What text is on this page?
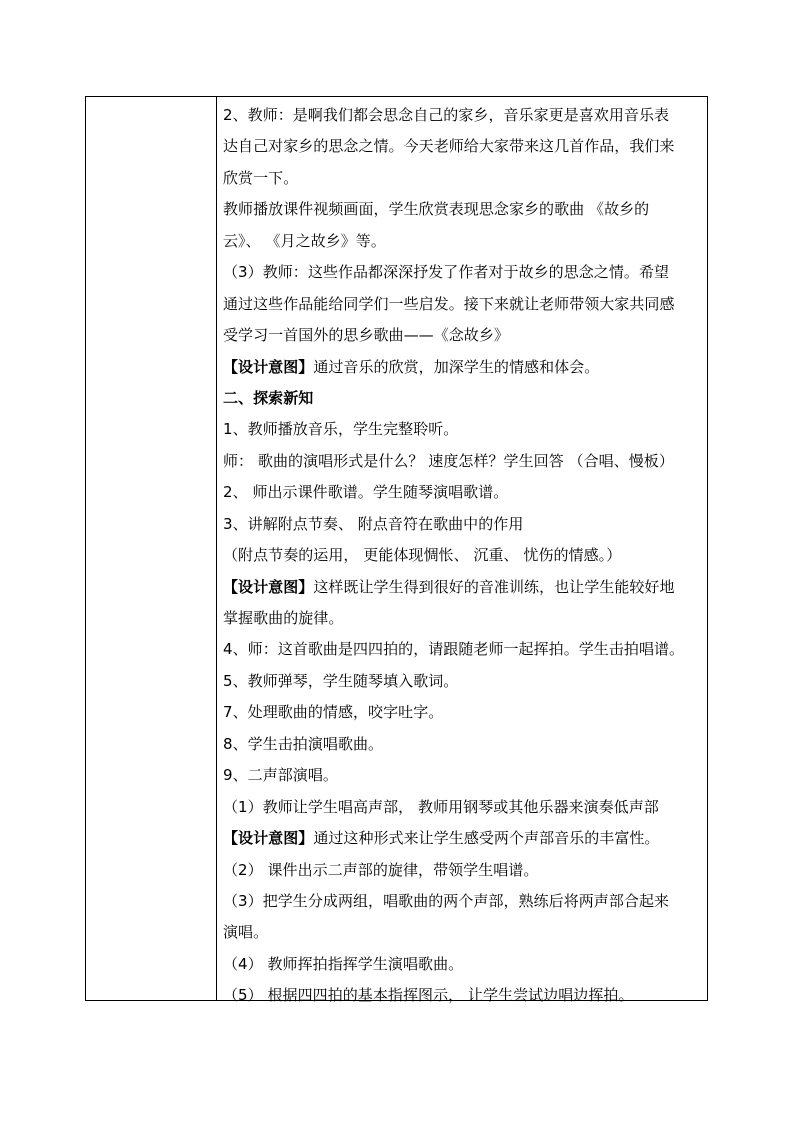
2、教师：是啊我们都会思念自己的家乡，音乐家更是喜欢用音乐表
达自己对家乡的思念之情。今天老师给大家带来这几首作品，我们来
欣赏一下。
教师播放课件视频画面，学生欣赏表现思念家乡的歌曲 《故乡的
云》、 《月之故乡》等。
（3）教师：这些作品都深深抒发了作者对于故乡的思念之情。希望
通过这些作品能给同学们一些启发。接下来就让老师带领大家共同感
受学习一首国外的思乡歌曲——《念故乡》
【设计意图】通过音乐的欣赏，加深学生的情感和体会。
二、探索新知
1、教师播放音乐，学生完整聆听。
师： 歌曲的演唱形式是什么？ 速度怎样？学生回答 （合唱、慢板）
2、 师出示课件歌谱。学生随琴演唱歌谱。
3、讲解附点节奏、 附点音符在歌曲中的作用
（附点节奏的运用， 更能体现惆怅、 沉重、 忧伤的情感。）
【设计意图】这样既让学生得到很好的音准训练，也让学生能较好地
掌握歌曲的旋律。
4、师：这首歌曲是四四拍的，请跟随老师一起挥拍。学生击拍唱谱。
5、教师弹琴，学生随琴填入歌词。
7、处理歌曲的情感，咬字吐字。
8、学生击拍演唱歌曲。
9、二声部演唱。
（1）教师让学生唱高声部， 教师用钢琴或其他乐器来演奏低声部
【设计意图】通过这种形式来让学生感受两个声部音乐的丰富性。
（2） 课件出示二声部的旋律，带领学生唱谱。
（3）把学生分成两组，唱歌曲的两个声部，熟练后将两声部合起来
演唱。
（4） 教师挥拍指挥学生演唱歌曲。
（5） 根据四四拍的基本指挥图示， 让学生尝试边唱边挥拍。
